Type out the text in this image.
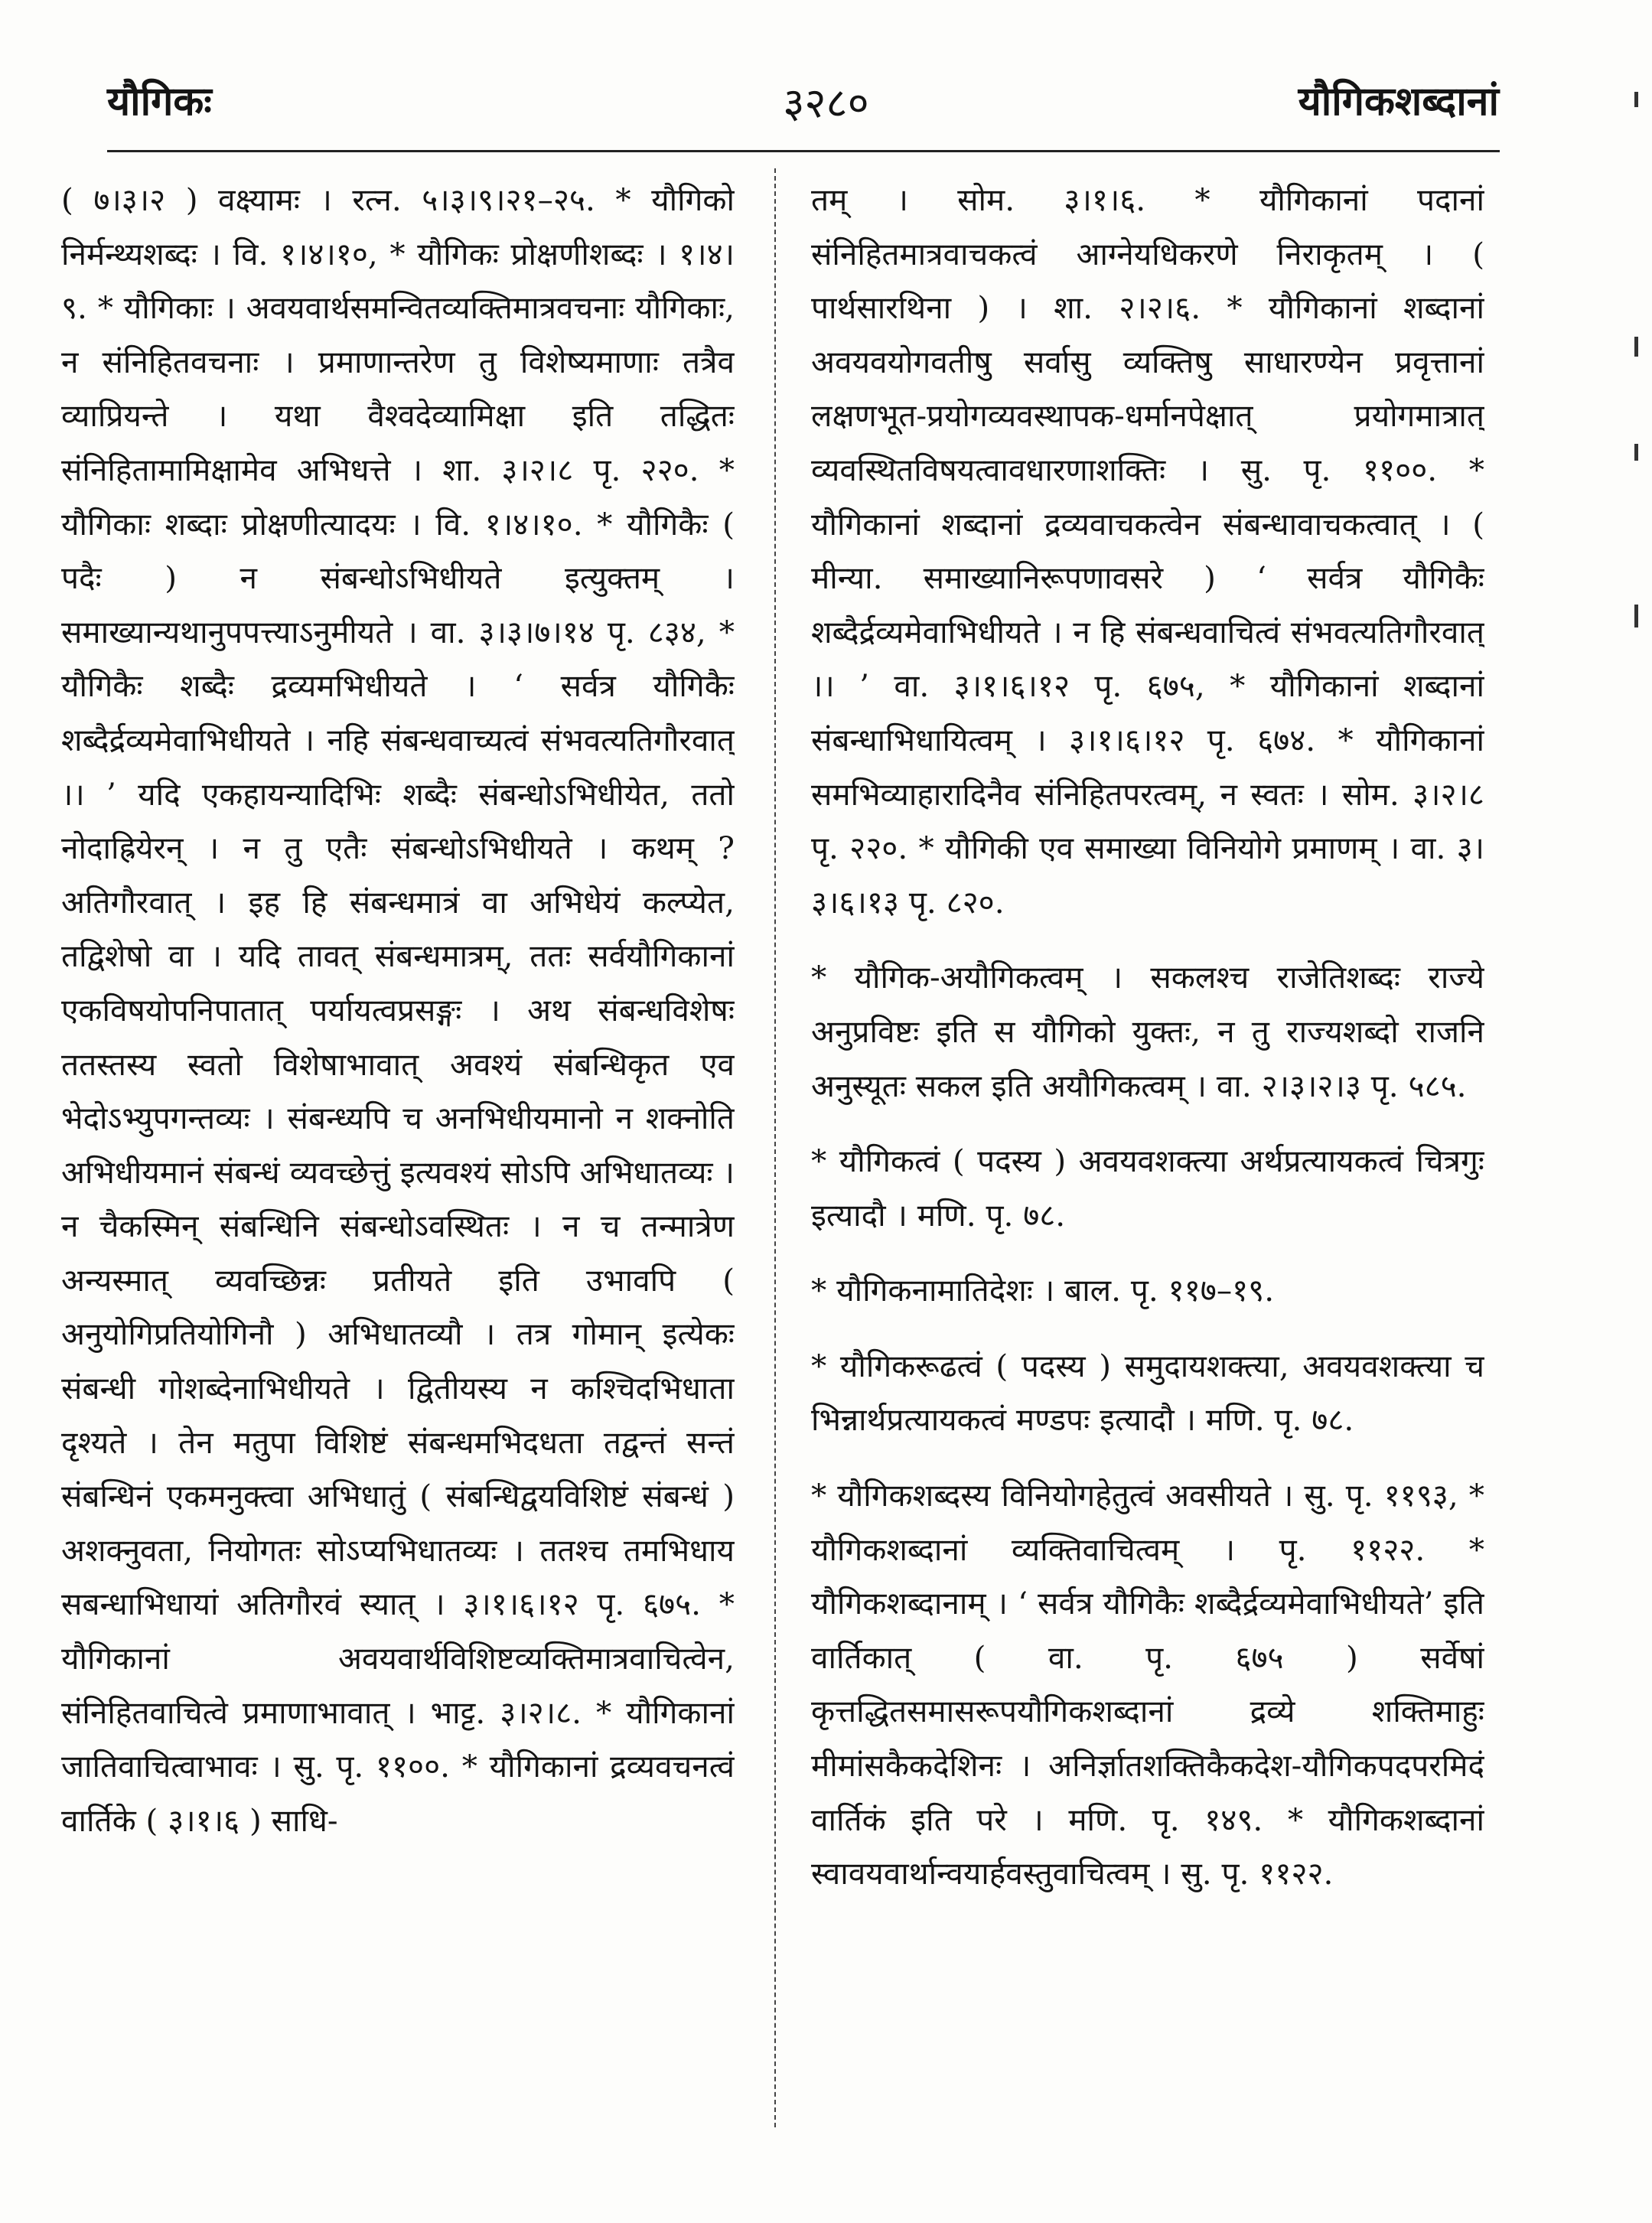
यौगिकः	३२८०	यौगिकशब्दानां

( ७।३।२ ) वक्ष्यामः । रत्न. ५।३।९।२१–२५. * यौगिको निर्मन्थ्यशब्दः । वि. १।४।१०, * यौगिकः प्रोक्षणीशब्दः । १।४।९. * यौगिकाः । अवयवार्थसमन्वितव्यक्तिमात्रवचनाः यौगिकाः, न संनिहितवचनाः । प्रमाणान्तरेण तु विशेष्यमाणाः तत्रैव व्याप्रियन्ते । यथा वैश्वदेव्यामिक्षा इति तद्धितः संनिहितामामिक्षामेव अभिधत्ते । शा. ३।२।८ पृ. २२०. * यौगिकाः शब्दाः प्रोक्षणीत्यादयः । वि. १।४।१०. * यौगिकैः ( पदैः ) न संबन्धोऽभिधीयते इत्युक्तम् । समाख्यान्यथानुपपत्त्याऽनुमीयते । वा. ३।३।७।१४ पृ. ८३४, * यौगिकैः शब्दैः द्रव्यमभिधीयते । ‘ सर्वत्र यौगिकैः शब्दैर्द्रव्यमेवाभिधीयते । नहि संबन्धवाच्यत्वं संभवत्यतिगौरवात् ।। ’ यदि एकहायन्यादिभिः शब्दैः संबन्धोऽभिधीयेत, ततो नोदाह्रियेरन् । न तु एतैः संबन्धोऽभिधीयते । कथम् ? अतिगौरवात् । इह हि संबन्धमात्रं वा अभिधेयं कल्प्येत, तद्विशेषो वा । यदि तावत् संबन्धमात्रम्, ततः सर्वयौगिकानां एकविषयोपनिपातात् पर्यायत्वप्रसङ्गः । अथ संबन्धविशेषः ततस्तस्य स्वतो विशेषाभावात् अवश्यं संबन्धिकृत एव भेदोऽभ्युपगन्तव्यः । संबन्ध्यपि च अनभिधीयमानो न शक्नोति अभिधीयमानं संबन्धं व्यवच्छेत्तुं इत्यवश्यं सोऽपि अभिधातव्यः । न चैकस्मिन् संबन्धिनि संबन्धोऽवस्थितः । न च तन्मात्रेण अन्यस्मात् व्यवच्छिन्नः प्रतीयते इति उभावपि ( अनुयोगिप्रतियोगिनौ ) अभिधातव्यौ । तत्र गोमान् इत्येकः संबन्धी गोशब्देनाभिधीयते । द्वितीयस्य न कश्चिदभिधाता दृश्यते । तेन मतुपा विशिष्टं संबन्धमभिदधता तद्वन्तं सन्तं संबन्धिनं एकमनुक्त्वा अभिधातुं ( संबन्धिद्वयविशिष्टं संबन्धं ) अशक्नुवता, नियोगतः सोऽप्यभिधातव्यः । ततश्च तमभिधाय सबन्धाभिधायां अतिगौरवं स्यात् । ३।१।६।१२ पृ. ६७५. * यौगिकानां अवयवार्थविशिष्टव्यक्तिमात्रवाचित्वेन, संनिहितवाचित्वे प्रमाणाभावात् । भाट्ट. ३।२।८. * यौगिकानां जातिवाचित्वाभावः । सु. पृ. ११००. * यौगिकानां द्रव्यवचनत्वं वार्तिके ( ३।१।६ ) साधि-

तम् । सोम. ३।१।६. * यौगिकानां पदानां संनिहितमात्रवाचकत्वं आग्नेयधिकरणे निराकृतम् । ( पार्थसारथिना ) । शा. २।२।६. * यौगिकानां शब्दानां अवयवयोगवतीषु सर्वासु व्यक्तिषु साधारण्येन प्रवृत्तानां लक्षणभूत-प्रयोगव्यवस्थापक-धर्मानपेक्षात् प्रयोगमात्रात् व्यवस्थितविषयत्वावधारणाशक्तिः । सु. पृ. ११००. * यौगिकानां शब्दानां द्रव्यवाचकत्वेन संबन्धावाचकत्वात् । ( मीन्या. समाख्यानिरूपणावसरे ) ‘ सर्वत्र यौगिकैः शब्दैर्द्रव्यमेवाभिधीयते । न हि संबन्धवाचित्वं संभवत्यतिगौरवात् ।। ’ वा. ३।१।६।१२ पृ. ६७५, * यौगिकानां शब्दानां संबन्धाभिधायित्वम् । ३।१।६।१२ पृ. ६७४. * यौगिकानां समभिव्याहारादिनैव संनिहितपरत्वम्, न स्वतः । सोम. ३।२।८ पृ. २२०. * यौगिकी एव समाख्या विनियोगे प्रमाणम् । वा. ३।३।६।१३ पृ. ८२०.

* यौगिक-अयौगिकत्वम् । सकलश्च राजेतिशब्दः राज्ये अनुप्रविष्टः इति स यौगिको युक्तः, न तु राज्यशब्दो राजनि अनुस्यूतः सकल इति अयौगिकत्वम् । वा. २।३।२।३ पृ. ५८५.

* यौगिकत्वं ( पदस्य ) अवयवशक्त्या अर्थप्रत्यायकत्वं चित्रगुः इत्यादौ । मणि. पृ. ७८.

* यौगिकनामातिदेशः । बाल. पृ. ११७–१९.

* यौगिकरूढत्वं ( पदस्य ) समुदायशक्त्या, अवयवशक्त्या च भिन्नार्थप्रत्यायकत्वं मण्डपः इत्यादौ । मणि. पृ. ७८.

* यौगिकशब्दस्य विनियोगहेतुत्वं अवसीयते । सु. पृ. ११९३, * यौगिकशब्दानां व्यक्तिवाचित्वम् । पृ. ११२२. * यौगिकशब्दानाम् । ‘ सर्वत्र यौगिकैः शब्दैर्द्रव्यमेवाभिधीयते’ इति वार्तिकात् ( वा. पृ. ६७५ ) सर्वेषां कृत्तद्धितसमासरूपयौगिकशब्दानां द्रव्ये शक्तिमाहुः मीमांसकैकदेशिनः । अनिर्ज्ञातशक्तिकैकदेश-यौगिकपदपरमिदं वार्तिकं इति परे । मणि. पृ. १४९. * यौगिकशब्दानां स्वावयवार्थान्वयार्हवस्तुवाचित्वम् । सु. पृ. ११२२.
